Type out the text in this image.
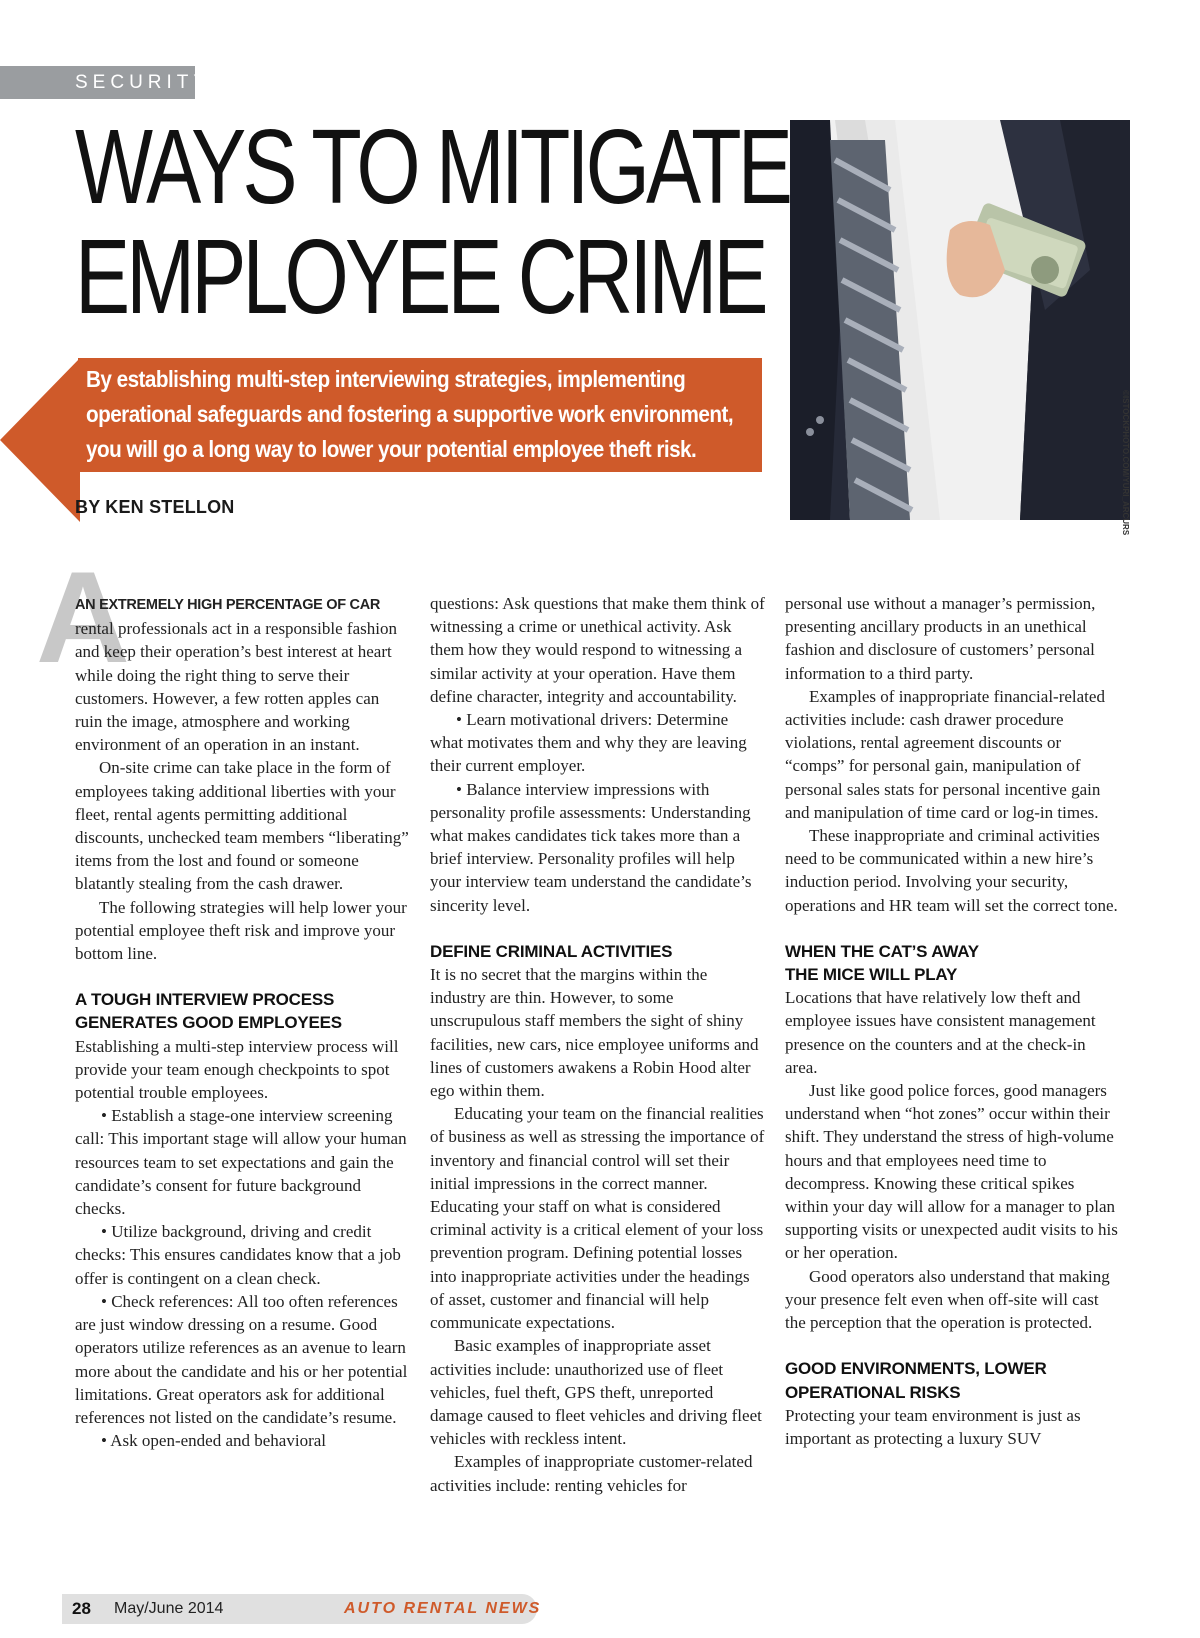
SECURITY
WAYS TO MITIGATE
EMPLOYEE CRIME

By establishing multi-step interviewing strategies, implementing operational safeguards and fostering a supportive work environment, you will go a long way to lower your potential employee theft risk.

BY KEN STELLON	©ISTOCKPHOTO.COM/YURI_ARCURS
A

AN EXTREMELY HIGH PERCENTAGE OF CAR
rental professionals act in a responsible fashion and keep their operation’s best interest at heart while doing the right thing to serve their customers. However, a few rotten apples can ruin the image, atmosphere and working environment of an operation in an instant.

On-site crime can take place in the form of employees taking additional liberties with your fleet, rental agents permitting additional discounts, unchecked team members “liberating” items from the lost and found or someone blatantly stealing from the cash drawer.

The following strategies will help lower your potential employee theft risk and improve your bottom line.

A TOUGH INTERVIEW PROCESS GENERATES GOOD EMPLOYEES

Establishing a multi-step interview process will provide your team enough checkpoints to spot potential trouble employees.

• Establish a stage-one interview screening call: This important stage will allow your human resources team to set expectations and gain the candidate’s consent for future background checks.

• Utilize background, driving and credit checks: This ensures candidates know that a job offer is contingent on a clean check.

• Check references: All too often references are just window dressing on a resume. Good operators utilize references as an avenue to learn more about the candidate and his or her potential limitations. Great operators ask for additional references not listed on the candidate’s resume.

• Ask open-ended and behavioral

questions: Ask questions that make them think of witnessing a crime or unethical activity. Ask them how they would respond to witnessing a similar activity at your operation. Have them define character, integrity and accountability.

• Learn motivational drivers: Determine what motivates them and why they are leaving their current employer.

• Balance interview impressions with personality profile assessments: Understanding what makes candidates tick takes more than a brief interview. Personality profiles will help your interview team understand the candidate’s sincerity level.

DEFINE CRIMINAL ACTIVITIES

It is no secret that the margins within the industry are thin. However, to some unscrupulous staff members the sight of shiny facilities, new cars, nice employee uniforms and lines of customers awakens a Robin Hood alter ego within them.

Educating your team on the financial realities of business as well as stressing the importance of inventory and financial control will set their initial impressions in the correct manner. Educating your staff on what is considered criminal activity is a critical element of your loss prevention program. Defining potential losses into inappropriate activities under the headings of asset, customer and financial will help communicate expectations.

Basic examples of inappropriate asset activities include: unauthorized use of fleet vehicles, fuel theft, GPS theft, unreported damage caused to fleet vehicles and driving fleet vehicles with reckless intent.

Examples of inappropriate customer-related activities include: renting vehicles for

personal use without a manager’s permission, presenting ancillary products in an unethical fashion and disclosure of customers’ personal information to a third party.

Examples of inappropriate financial-related activities include: cash drawer procedure violations, rental agreement discounts or “comps” for personal gain, manipulation of personal sales stats for personal incentive gain and manipulation of time card or log-in times.

These inappropriate and criminal activities need to be communicated within a new hire’s induction period. Involving your security, operations and HR team will set the correct tone.

WHEN THE CAT’S AWAY
THE MICE WILL PLAY

Locations that have relatively low theft and employee issues have consistent management presence on the counters and at the check-in area.

Just like good police forces, good managers understand when “hot zones” occur within their shift. They understand the stress of high-volume hours and that employees need time to decompress. Knowing these critical spikes within your day will allow for a manager to plan supporting visits or unexpected audit visits to his or her operation.

Good operators also understand that making your presence felt even when off-site will cast the perception that the operation is protected.

GOOD ENVIRONMENTS, LOWER OPERATIONAL RISKS

Protecting your team environment is just as important as protecting a luxury SUV

28 May/June 2014	AUTO RENTAL NEWS
